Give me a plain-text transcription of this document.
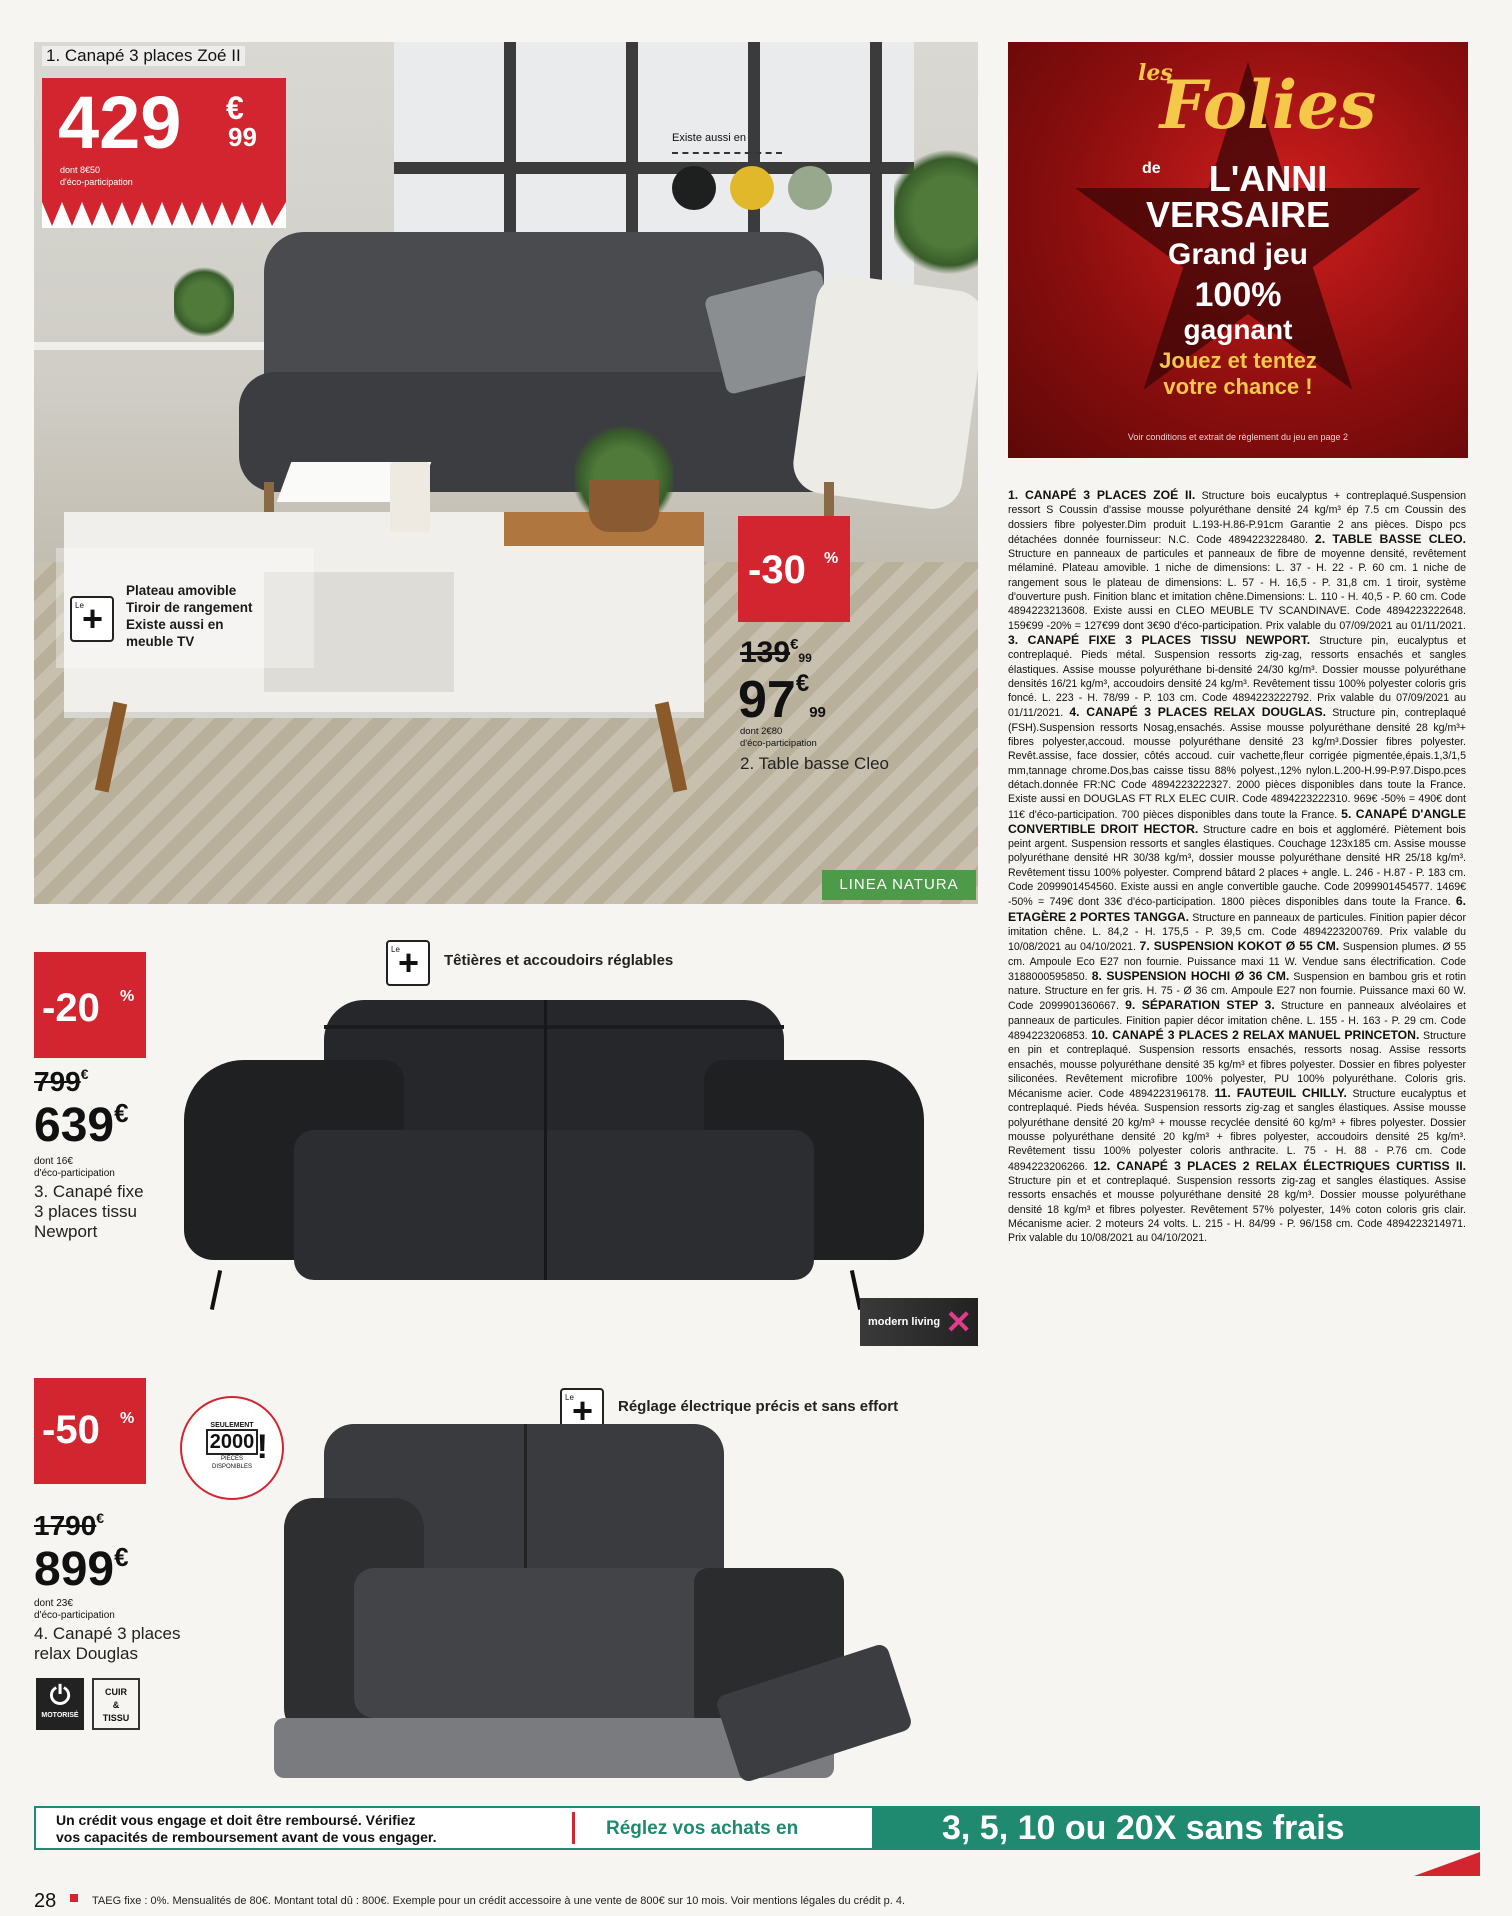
1. Canapé 3 places Zoé II
429 €
99
dont 8€50
d'éco-participation
Existe aussi en
+ Le
Plateau amovible
Tiroir de rangement
Existe aussi en
meuble TV
-30 %
139€99
97€99
dont 2€80
d'éco-participation
2. Table basse Cleo
LINEA NATURA
les
Folies
de	L'ANNI
VERSAIRE
Grand jeu
100%
gagnant
Jouez et tentez
votre chance !
Voir conditions et extrait de règlement du jeu en page 2
1. CANAPÉ 3 PLACES ZOÉ II. Structure bois eucalyptus + contreplaqué.Suspension ressort S Coussin d'assise mousse polyuréthane densité 24 kg/m³ ép 7.5 cm Coussin des dossiers fibre polyester.Dim produit L.193-H.86-P.91cm Garantie 2 ans pièces. Dispo pcs détachées donnée fournisseur: N.C. Code 4894223228480. 2. TABLE BASSE CLEO. Structure en panneaux de particules et panneaux de fibre de moyenne densité, revêtement mélaminé. Plateau amovible. 1 niche de dimensions: L. 37 - H. 22 - P. 60 cm. 1 niche de rangement sous le plateau de dimensions: L. 57 - H. 16,5 - P. 31,8 cm. 1 tiroir, système d'ouverture push. Finition blanc et imitation chêne.Dimensions: L. 110 - H. 40,5 - P. 60 cm. Code 4894223213608. Existe aussi en CLEO MEUBLE TV SCANDINAVE. Code 4894223222648. 159€99 -20% = 127€99 dont 3€90 d'éco-participation. Prix valable du 07/09/2021 au 01/11/2021. 3. CANAPÉ FIXE 3 PLACES TISSU NEWPORT. Structure pin, eucalyptus et contreplaqué. Pieds métal. Suspension ressorts zig-zag, ressorts ensachés et sangles élastiques. Assise mousse polyuréthane bi-densité 24/30 kg/m³. Dossier mousse polyuréthane densités 16/21 kg/m³, accoudoirs densité 24 kg/m³. Revêtement tissu 100% polyester coloris gris foncé. L. 223 - H. 78/99 - P. 103 cm. Code 4894223222792. Prix valable du 07/09/2021 au 01/11/2021. 4. CANAPÉ 3 PLACES RELAX DOUGLAS. Structure pin, contreplaqué (FSH).Suspension ressorts Nosag,ensachés. Assise mousse polyuréthane densité 28 kg/m³+ fibres polyester,accoud. mousse polyuréthane densité 23 kg/m³.Dossier fibres polyester. Revêt.assise, face dossier, côtés accoud. cuir vachette,fleur corrigée pigmentée,épais.1,3/1,5 mm,tannage chrome.Dos,bas caisse tissu 88% polyest.,12% nylon.L.200-H.99-P.97.Dispo.pces détach.donnée FR:NC Code 4894223222327. 2000 pièces disponibles dans toute la France. Existe aussi en DOUGLAS FT RLX ELEC CUIR. Code 4894223222310. 969€ -50% = 490€ dont 11€ d'éco-participation. 700 pièces disponibles dans toute la France. 5. CANAPÉ D'ANGLE CONVERTIBLE DROIT HECTOR. Structure cadre en bois et aggloméré. Piètement bois peint argent. Suspension ressorts et sangles élastiques. Couchage 123x185 cm. Assise mousse polyuréthane densité HR 30/38 kg/m³, dossier mousse polyuréthane densité HR 25/18 kg/m³. Revêtement tissu 100% polyester. Comprend bâtard 2 places + angle. L. 246 - H.87 - P. 183 cm. Code 2099901454560. Existe aussi en angle convertible gauche. Code 2099901454577. 1469€ -50% = 749€ dont 33€ d'éco-participation. 1800 pièces disponibles dans toute la France. 6. ETAGÈRE 2 PORTES TANGGA. Structure en panneaux de particules. Finition papier décor imitation chêne. L. 84,2 - H. 175,5 - P. 39,5 cm. Code 4894223200769. Prix valable du 10/08/2021 au 04/10/2021. 7. SUSPENSION KOKOT Ø 55 CM. Suspension plumes. Ø 55 cm. Ampoule Eco E27 non fournie. Puissance maxi 11 W. Vendue sans électrification. Code 3188000595850. 8. SUSPENSION HOCHI Ø 36 CM. Suspension en bambou gris et rotin nature. Structure en fer gris. H. 75 - Ø 36 cm. Ampoule E27 non fournie. Puissance maxi 60 W. Code 2099901360667. 9. SÉPARATION STEP 3. Structure en panneaux alvéolaires et panneaux de particules. Finition papier décor imitation chêne. L. 155 - H. 163 - P. 29 cm. Code 4894223206853. 10. CANAPÉ 3 PLACES 2 RELAX MANUEL PRINCETON. Structure en pin et contreplaqué. Suspension ressorts ensachés, ressorts nosag. Assise ressorts ensachés, mousse polyuréthane densité 35 kg/m³ et fibres polyester. Dossier en fibres polyester siliconées. Revêtement microfibre 100% polyester, PU 100% polyuréthane. Coloris gris. Mécanisme acier. Code 4894223196178. 11. FAUTEUIL CHILLY. Structure eucalyptus et contreplaqué. Pieds hévéa. Suspension ressorts zig-zag et sangles élastiques. Assise mousse polyuréthane densité 20 kg/m³ + mousse recyclée densité 60 kg/m³ + fibres polyester. Dossier mousse polyuréthane densité 20 kg/m³ + fibres polyester, accoudoirs densité 25 kg/m³. Revêtement tissu 100% polyester coloris anthracite. L. 75 - H. 88 - P.76 cm. Code 4894223206266. 12. CANAPÉ 3 PLACES 2 RELAX ÉLECTRIQUES CURTISS II. Structure pin et et contreplaqué. Suspension ressorts zig-zag et sangles élastiques. Assise ressorts ensachés et mousse polyuréthane densité 28 kg/m³. Dossier mousse polyuréthane densité 18 kg/m³ et fibres polyester. Revêtement 57% polyester, 14% coton coloris gris clair. Mécanisme acier. 2 moteurs 24 volts. L. 215 - H. 84/99 - P. 96/158 cm. Code 4894223214971. Prix valable du 10/08/2021 au 04/10/2021.
-20 %
799€
639€
dont 16€
d'éco-participation
3. Canapé fixe
3 places tissu
Newport
+ Le
Têtières et accoudoirs réglables
modern living ✕
-50 %
1790€
899€
dont 23€
d'éco-participation
4. Canapé 3 places
relax Douglas
⏻
MOTORISÉ
CUIR
&
TISSU
SEULEMENT
2000
PIÈCES
DISPONIBLES
!
+ Le
Réglage électrique précis et sans effort
Un crédit vous engage et doit être remboursé. Vérifiez
vos capacités de remboursement avant de vous engager.	Réglez vos achats en	3, 5, 10 ou 20X sans frais
28	TAEG fixe : 0%. Mensualités de 80€. Montant total dû : 800€. Exemple pour un crédit accessoire à une vente de 800€ sur 10 mois. Voir mentions légales du crédit p. 4.
